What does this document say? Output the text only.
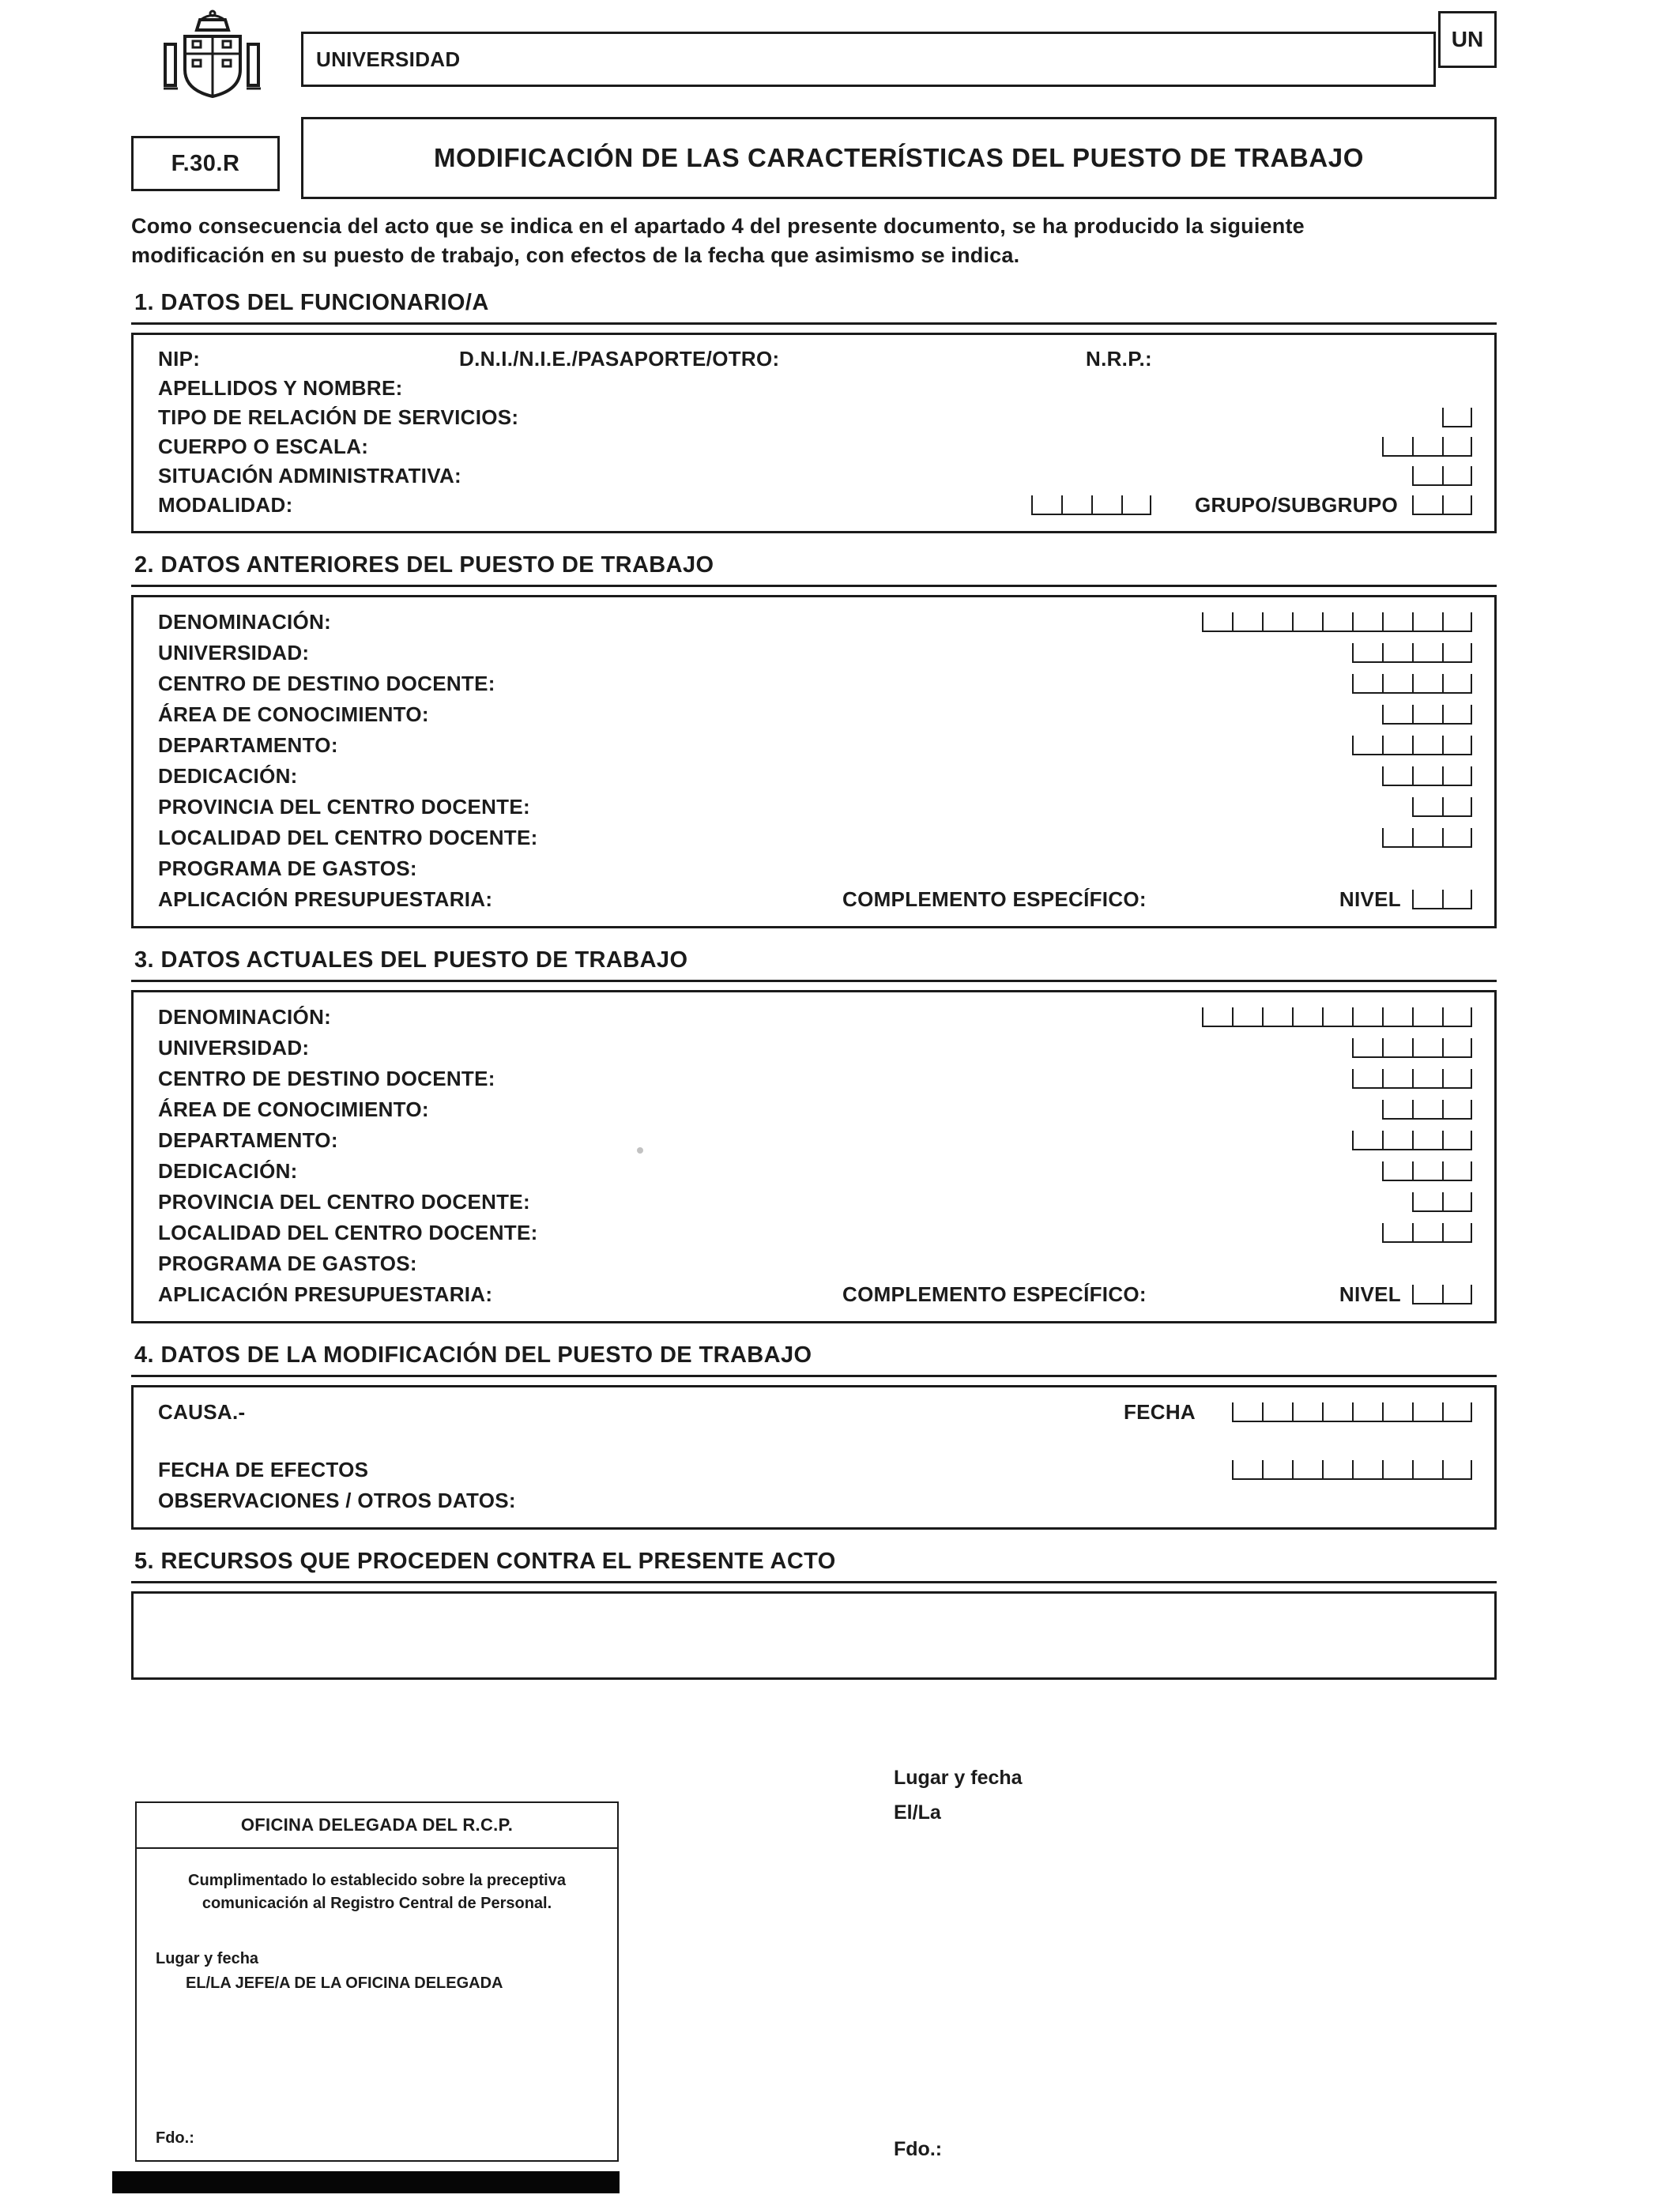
UNIVERSIDAD
UN
F.30.R	MODIFICACIÓN DE LAS CARACTERÍSTICAS DEL PUESTO DE TRABAJO

Como consecuencia del acto que se indica en el apartado 4 del presente documento, se ha producido la siguiente modificación en su puesto de trabajo, con efectos de la fecha que asimismo se indica.

1. DATOS DEL FUNCIONARIO/A
NIP:	D.N.I./N.I.E./PASAPORTE/OTRO:	N.R.P.:
APELLIDOS Y NOMBRE:
TIPO DE RELACIÓN DE SERVICIOS:
CUERPO O ESCALA:
SITUACIÓN ADMINISTRATIVA:
MODALIDAD:	GRUPO/SUBGRUPO
2. DATOS ANTERIORES DEL PUESTO DE TRABAJO
DENOMINACIÓN:
UNIVERSIDAD:
CENTRO DE DESTINO DOCENTE:
ÁREA DE CONOCIMIENTO:
DEPARTAMENTO:
DEDICACIÓN:
PROVINCIA DEL CENTRO DOCENTE:
LOCALIDAD DEL CENTRO DOCENTE:
PROGRAMA DE GASTOS:
APLICACIÓN PRESUPUESTARIA:	COMPLEMENTO ESPECÍFICO:	NIVEL
3. DATOS ACTUALES DEL PUESTO DE TRABAJO
DENOMINACIÓN:
UNIVERSIDAD:
CENTRO DE DESTINO DOCENTE:
ÁREA DE CONOCIMIENTO:
DEPARTAMENTO:
DEDICACIÓN:
PROVINCIA DEL CENTRO DOCENTE:
LOCALIDAD DEL CENTRO DOCENTE:
PROGRAMA DE GASTOS:
APLICACIÓN PRESUPUESTARIA:	COMPLEMENTO ESPECÍFICO:	NIVEL
4. DATOS DE LA MODIFICACIÓN DEL PUESTO DE TRABAJO
CAUSA.-	FECHA
FECHA DE EFECTOS
OBSERVACIONES / OTROS DATOS:
5. RECURSOS QUE PROCEDEN CONTRA EL PRESENTE ACTO

Lugar y fecha

El/La

Fdo.:

OFICINA DELEGADA DEL R.C.P.

Cumplimentado lo establecido sobre la preceptiva comunicación al Registro Central de Personal.

Lugar y fecha

EL/LA JEFE/A DE LA OFICINA DELEGADA

Fdo.:
